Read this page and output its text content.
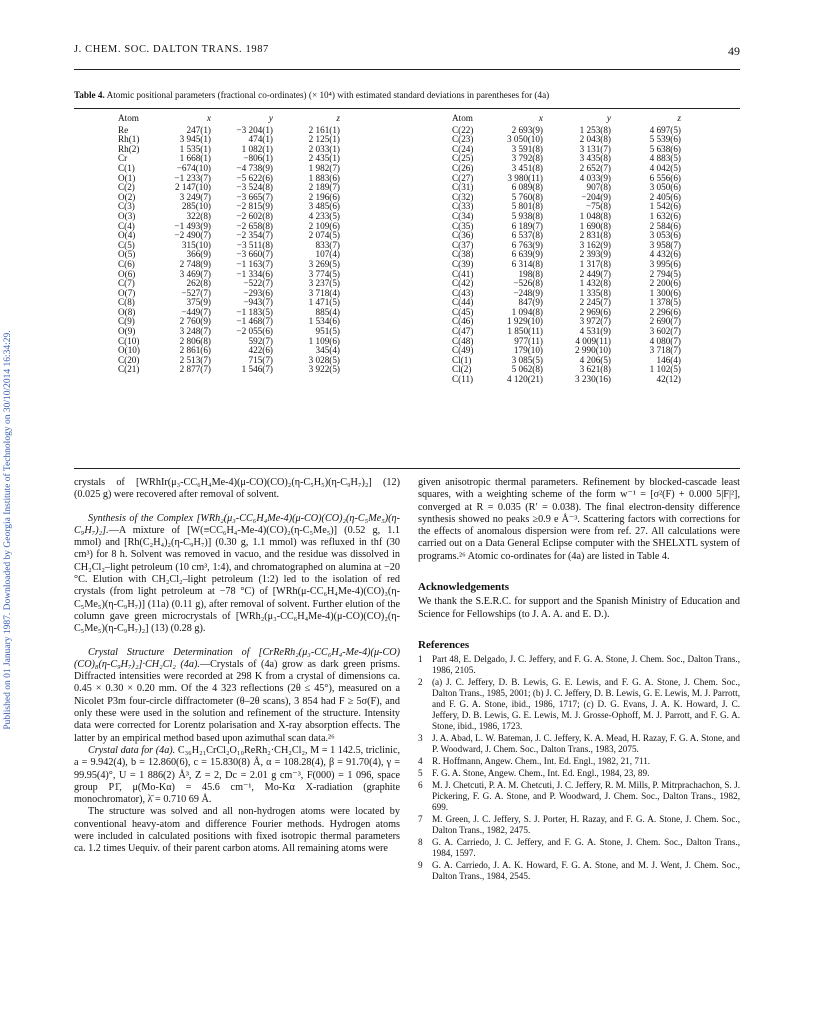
Published on 01 January 1987. Downloaded by Georgia Institute of Technology on 30/10/2014 16:34:29.
J. CHEM. SOC. DALTON TRANS. 1987	49
Table 4. Atomic positional parameters (fractional co-ordinates) (× 10⁴) with estimated standard deviations in parentheses for (4a)
Atom	x	y	z
Re	247(1)	−3 204(1)	2 161(1)
Rh(1)	3 945(1)	474(1)	2 125(1)
Rh(2)	1 535(1)	1 082(1)	2 033(1)
Cr	1 668(1)	−806(1)	2 435(1)
C(1)	−674(10)	−4 738(9)	1 982(7)
O(1)	−1 233(7)	−5 622(6)	1 883(6)
C(2)	2 147(10)	−3 524(8)	2 189(7)
O(2)	3 249(7)	−3 665(7)	2 196(6)
C(3)	285(10)	−2 815(9)	3 485(6)
O(3)	322(8)	−2 602(8)	4 233(5)
C(4)	−1 493(9)	−2 658(8)	2 109(6)
O(4)	−2 490(7)	−2 354(7)	2 074(5)
C(5)	315(10)	−3 511(8)	833(7)
O(5)	366(9)	−3 660(7)	107(4)
C(6)	2 748(9)	−1 163(7)	3 269(5)
O(6)	3 469(7)	−1 334(6)	3 774(5)
C(7)	262(8)	−522(7)	3 237(5)
O(7)	−527(7)	−293(6)	3 718(4)
C(8)	375(9)	−943(7)	1 471(5)
O(8)	−449(7)	−1 183(5)	885(4)
C(9)	2 760(9)	−1 468(7)	1 534(6)
O(9)	3 248(7)	−2 055(6)	951(5)
C(10)	2 806(8)	592(7)	1 109(6)
O(10)	2 861(6)	422(6)	345(4)
C(20)	2 513(7)	715(7)	3 028(5)
C(21)	2 877(7)	1 546(7)	3 922(5)
Atom	x	y	z
C(22)	2 693(9)	1 253(8)	4 697(5)
C(23)	3 050(10)	2 043(8)	5 539(6)
C(24)	3 591(8)	3 131(7)	5 638(6)
C(25)	3 792(8)	3 435(8)	4 883(5)
C(26)	3 451(8)	2 652(7)	4 042(5)
C(27)	3 980(11)	4 033(9)	6 556(6)
C(31)	6 089(8)	907(8)	3 050(6)
C(32)	5 760(8)	−204(9)	2 405(6)
C(33)	5 801(8)	−75(8)	1 542(6)
C(34)	5 938(8)	1 048(8)	1 632(6)
C(35)	6 189(7)	1 690(8)	2 584(6)
C(36)	6 537(8)	2 831(8)	3 053(6)
C(37)	6 763(9)	3 162(9)	3 958(7)
C(38)	6 639(9)	2 393(9)	4 432(6)
C(39)	6 314(8)	1 317(8)	3 995(6)
C(41)	198(8)	2 449(7)	2 794(5)
C(42)	−526(8)	1 432(8)	2 200(6)
C(43)	−248(9)	1 335(8)	1 300(6)
C(44)	847(9)	2 245(7)	1 378(5)
C(45)	1 094(8)	2 969(6)	2 296(6)
C(46)	1 929(10)	3 972(7)	2 690(7)
C(47)	1 850(11)	4 531(9)	3 602(7)
C(48)	977(11)	4 009(11)	4 080(7)
C(49)	179(10)	2 990(10)	3 718(7)
Cl(1)	3 085(5)	4 206(5)	146(4)
Cl(2)	5 062(8)	3 621(8)	1 102(5)
C(11)	4 120(21)	3 230(16)	42(12)

crystals of [WRhIr(μ₃-CC₆H₄Me-4)(μ-CO)(CO)₂(η-C₅H₅)(η-C₉H₇)₂] (12) (0.025 g) were recovered after removal of solvent.

Synthesis of the Complex [WRh₂(μ₃-CC₆H₄Me-4)(μ-CO)(CO)₂(η-C₅Me₅)(η-C₉H₇)₂].—A mixture of [W(≡CC₆H₄-Me-4)(CO)₂(η-C₅Me₅)] (0.52 g, 1.1 mmol) and [Rh(C₂H₄)₂(η-C₉H₇)] (0.30 g, 1.1 mmol) was refluxed in thf (30 cm³) for 8 h. Solvent was removed in vacuo, and the residue was dissolved in CH₂Cl₂–light petroleum (10 cm³, 1:4), and chromatographed on alumina at −20 °C. Elution with CH₂Cl₂–light petroleum (1:2) led to the isolation of red crystals (from light petroleum at −78 °C) of [WRh(μ-CC₆H₄Me-4)(CO)₃(η-C₅Me₅)(η-C₉H₇)] (11a) (0.11 g), after removal of solvent. Further elution of the column gave green microcrystals of [WRh₂(μ₃-CC₆H₄Me-4)(μ-CO)(CO)₂(η-C₅Me₅)(η-C₉H₇)₂] (13) (0.28 g).

Crystal Structure Determination of [CrReRh₂(μ₃-CC₆H₄-Me-4)(μ-CO)(CO)₈(η-C₉H₇)₂]·CH₂Cl₂ (4a).—Crystals of (4a) grow as dark green prisms. Diffracted intensities were recorded at 298 K from a crystal of dimensions ca. 0.45 × 0.30 × 0.20 mm. Of the 4 323 reflections (2θ ≤ 45°), measured on a Nicolet P3m four-circle diffractometer (θ–2θ scans), 3 854 had F ≥ 5σ(F), and only these were used in the solution and refinement of the structure. Intensity data were corrected for Lorentz polarisation and X-ray absorption effects. The latter by an empirical method based upon azimuthal scan data.²⁶

Crystal data for (4a). C₃₆H₂₁CrCl₂O₁₀ReRh₂·CH₂Cl₂, M = 1 142.5, triclinic, a = 9.942(4), b = 12.860(6), c = 15.830(8) Å, α = 108.28(4), β = 91.70(4), γ = 99.95(4)°, U = 1 886(2) Å³, Z = 2, Dc = 2.01 g cm⁻³, F(000) = 1 096, space group P1̄, μ(Mo-Kα) = 45.6 cm⁻¹, Mo-Kα X-radiation (graphite monochromator), λ̄ = 0.710 69 Å.

The structure was solved and all non-hydrogen atoms were located by conventional heavy-atom and difference Fourier methods. Hydrogen atoms were included in calculated positions with fixed isotropic thermal parameters ca. 1.2 times Uequiv. of their parent carbon atoms. All remaining atoms were

given anisotropic thermal parameters. Refinement by blocked-cascade least squares, with a weighting scheme of the form w⁻¹ = [σ²(F) + 0.000 5|F|²], converged at R = 0.035 (R′ = 0.038). The final electron-density difference synthesis showed no peaks ≥0.9 e Å⁻³. Scattering factors with corrections for the effects of anomalous dispersion were from ref. 27. All calculations were carried out on a Data General Eclipse computer with the SHELXTL system of programs.²⁶ Atomic co-ordinates for (4a) are listed in Table 4.

Acknowledgements

We thank the S.E.R.C. for support and the Spanish Ministry of Education and Science for Fellowships (to J. A. A. and E. D.).

References
1 Part 48, E. Delgado, J. C. Jeffery, and F. G. A. Stone, J. Chem. Soc., Dalton Trans., 1986, 2105.
2 (a) J. C. Jeffery, D. B. Lewis, G. E. Lewis, and F. G. A. Stone, J. Chem. Soc., Dalton Trans., 1985, 2001; (b) J. C. Jeffery, D. B. Lewis, G. E. Lewis, M. J. Parrott, and F. G. A. Stone, ibid., 1986, 1717; (c) D. G. Evans, J. A. K. Howard, J. C. Jeffery, D. B. Lewis, G. E. Lewis, M. J. Grosse-Ophoff, M. J. Parrott, and F. G. A. Stone, ibid., 1986, 1723.
3 J. A. Abad, L. W. Bateman, J. C. Jeffery, K. A. Mead, H. Razay, F. G. A. Stone, and P. Woodward, J. Chem. Soc., Dalton Trans., 1983, 2075.
4 R. Hoffmann, Angew. Chem., Int. Ed. Engl., 1982, 21, 711.
5 F. G. A. Stone, Angew. Chem., Int. Ed. Engl., 1984, 23, 89.
6 M. J. Chetcuti, P. A. M. Chetcuti, J. C. Jeffery, R. M. Mills, P. Mitrprachachon, S. J. Pickering, F. G. A. Stone, and P. Woodward, J. Chem. Soc., Dalton Trans., 1982, 699.
7 M. Green, J. C. Jeffery, S. J. Porter, H. Razay, and F. G. A. Stone, J. Chem. Soc., Dalton Trans., 1982, 2475.
8 G. A. Carriedo, J. C. Jeffery, and F. G. A. Stone, J. Chem. Soc., Dalton Trans., 1984, 1597.
9 G. A. Carriedo, J. A. K. Howard, F. G. A. Stone, and M. J. Went, J. Chem. Soc., Dalton Trans., 1984, 2545.
